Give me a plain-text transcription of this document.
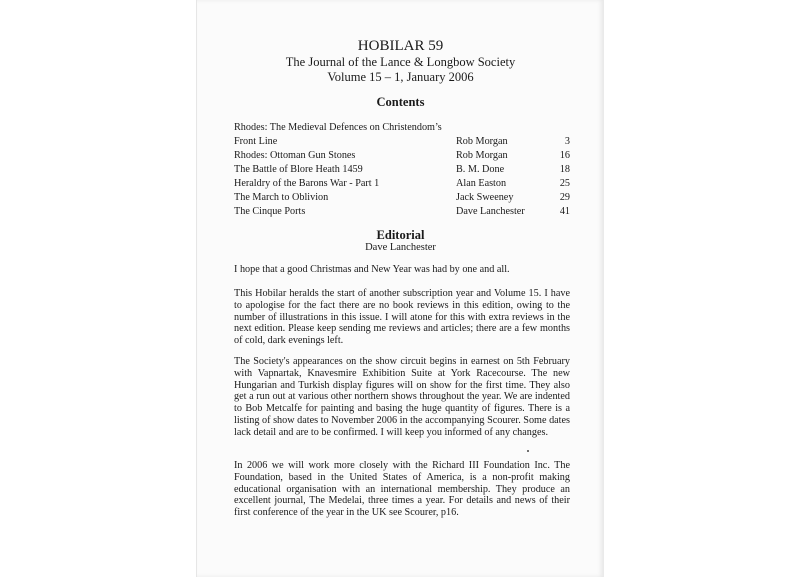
HOBILAR 59
The Journal of the Lance & Longbow Society
Volume 15 – 1, January 2006
Contents
Rhodes: The Medieval Defences on Christendom’s
Front Line	Rob Morgan	3
Rhodes: Ottoman Gun Stones	Rob Morgan	16
The Battle of Blore Heath 1459	B. M. Done	18
Heraldry of the Barons War - Part 1	Alan Easton	25
The March to Oblivion	Jack Sweeney	29
The Cinque Ports	Dave Lanchester	41
Editorial
Dave Lanchester

I hope that a good Christmas and New Year was had by one and all.

This Hobilar heralds the start of another subscription year and Volume 15. I have to apologise for the fact there are no book reviews in this edition, owing to the number of illustrations in this issue. I will atone for this with extra reviews in the next edition. Please keep sending me reviews and articles; there are a few months of cold, dark evenings left.

The Society's appearances on the show circuit begins in earnest on 5th February with Vapnartak, Knavesmire Exhibition Suite at York Racecourse. The new Hungarian and Turkish display figures will on show for the first time. They also get a run out at various other northern shows throughout the year. We are indented to Bob Metcalfe for painting and basing the huge quantity of figures. There is a listing of show dates to November 2006 in the accompanying Scourer. Some dates lack detail and are to be confirmed. I will keep you informed of any changes.

In 2006 we will work more closely with the Richard III Foundation Inc. The Foundation, based in the United States of America, is a non-profit making educational organisation with an international membership. They produce an excellent journal, The Medelai, three times a year. For details and news of their first conference of the year in the UK see Scourer, p16.
